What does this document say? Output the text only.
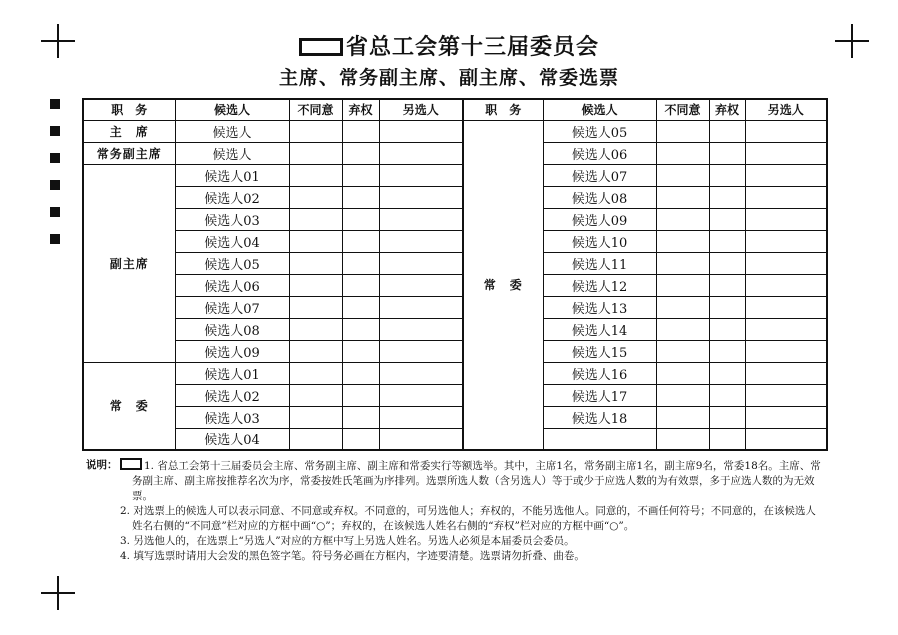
省总工会第十三届委员会
主席、常务副主席、副主席、常委选票
职　务	候选人	不同意	弃权	另选人	职　务	候选人	不同意	弃权	另选人
主　席	候选人				常　委	候选人05			
常务副主席	候选人					候选人06			
副主席	候选人01					候选人07			
	候选人02					候选人08			
	候选人03					候选人09			
	候选人04					候选人10			
	候选人05					候选人11			
	候选人06					候选人12			
	候选人07					候选人13			
	候选人08					候选人14			
	候选人09					候选人15			
常　委	候选人01					候选人16			
	候选人02					候选人17			
	候选人03					候选人18			
	候选人04								
说明：	1. 省总工会第十三届委员会主席、常务副主席、副主席和常委实行等额选举。其中，主席1名，常务副主席1名，副主席9名，常委18名。主席、常务副主席、副主席按推荐名次为序，常委按姓氏笔画为序排列。选票所选人数（含另选人）等于或少于应选人数的为有效票，多于应选人数的为无效票。
2. 对选票上的候选人可以表示同意、不同意或弃权。不同意的，可另选他人；弃权的，不能另选他人。同意的，不画任何符号；不同意的，在该候选人姓名右侧的“不同意”栏对应的方框中画“○”；弃权的，在该候选人姓名右侧的“弃权”栏对应的方框中画“○”。
3. 另选他人的，在选票上“另选人”对应的方框中写上另选人姓名。另选人必须是本届委员会委员。
4. 填写选票时请用大会发的黑色签字笔。符号务必画在方框内，字迹要清楚。选票请勿折叠、曲卷。
